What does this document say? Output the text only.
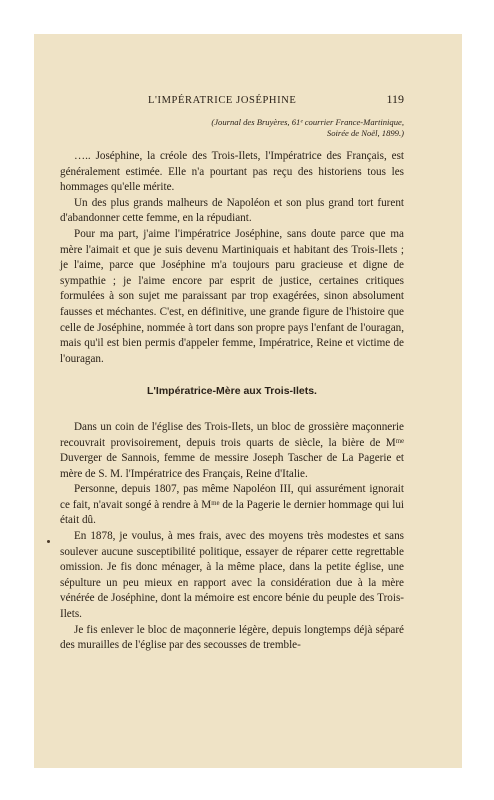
L'IMPÉRATRICE JOSÉPHINE	119
(Journal des Bruyères, 61ᵉ courrier France-Martinique,
Soirée de Noël, 1899.)

….. Joséphine, la créole des Trois-Ilets, l'Impératrice des Français, est généralement estimée. Elle n'a pourtant pas reçu des historiens tous les hommages qu'elle mérite.

Un des plus grands malheurs de Napoléon et son plus grand tort furent d'abandonner cette femme, en la répudiant.

Pour ma part, j'aime l'impératrice Joséphine, sans doute parce que ma mère l'aimait et que je suis devenu Martiniquais et habitant des Trois-Ilets ; je l'aime, parce que Joséphine m'a toujours paru gracieuse et digne de sympathie ; je l'aime encore par esprit de justice, certaines critiques formulées à son sujet me paraissant par trop exagérées, sinon absolument fausses et méchantes. C'est, en définitive, une grande figure de l'histoire que celle de Joséphine, nommée à tort dans son propre pays l'enfant de l'ouragan, mais qu'il est bien permis d'appeler femme, Impératrice, Reine et victime de l'ouragan.

L'Impératrice-Mère aux Trois-Ilets.

Dans un coin de l'église des Trois-Ilets, un bloc de grossière maçonnerie recouvrait provisoirement, depuis trois quarts de siècle, la bière de Mᵐᵉ Duverger de Sannois, femme de messire Joseph Tascher de La Pagerie et mère de S. M. l'Impératrice des Français, Reine d'Italie.

Personne, depuis 1807, pas même Napoléon III, qui assurément ignorait ce fait, n'avait songé à rendre à Mᵐᵉ de la Pagerie le dernier hommage qui lui était dû.

En 1878, je voulus, à mes frais, avec des moyens très modestes et sans soulever aucune susceptibilité politique, essayer de réparer cette regrettable omission. Je fis donc ménager, à la même place, dans la petite église, une sépulture un peu mieux en rapport avec la considération due à la mère vénérée de Joséphine, dont la mémoire est encore bénie du peuple des Trois-Ilets.

Je fis enlever le bloc de maçonnerie légère, depuis longtemps déjà séparé des murailles de l'église par des secousses de tremble-
